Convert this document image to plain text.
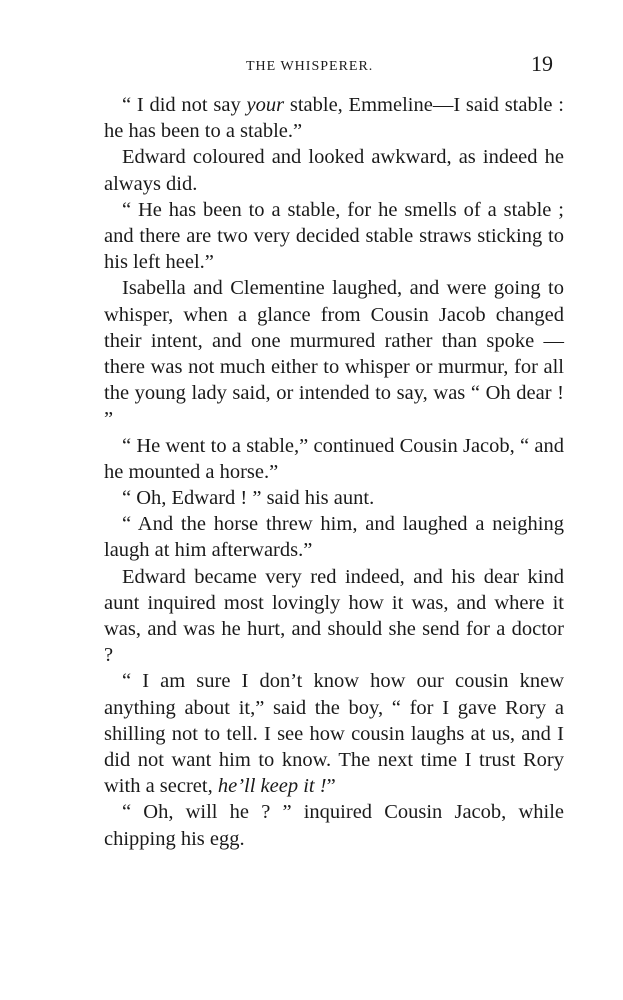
THE WHISPERER.	19

“ I did not say your stable, Emmeline—I said stable : he has been to a stable.”

Edward coloured and looked awkward, as indeed he always did.

“ He has been to a stable, for he smells of a stable ; and there are two very decided stable straws sticking to his left heel.”

Isabella and Clementine laughed, and were going to whisper, when a glance from Cousin Jacob changed their intent, and one murmured rather than spoke — there was not much either to whisper or murmur, for all the young lady said, or intended to say, was “ Oh dear ! ”

“ He went to a stable,” continued Cousin Jacob, “ and he mounted a horse.”

“ Oh, Edward ! ” said his aunt.

“ And the horse threw him, and laughed a neighing laugh at him afterwards.”

Edward became very red indeed, and his dear kind aunt inquired most lovingly how it was, and where it was, and was he hurt, and should she send for a doctor ?

“ I am sure I don’t know how our cousin knew anything about it,” said the boy, “ for I gave Rory a shilling not to tell. I see how cousin laughs at us, and I did not want him to know. The next time I trust Rory with a secret, he’ll keep it !”

“ Oh, will he ? ” inquired Cousin Jacob, while chipping his egg.
